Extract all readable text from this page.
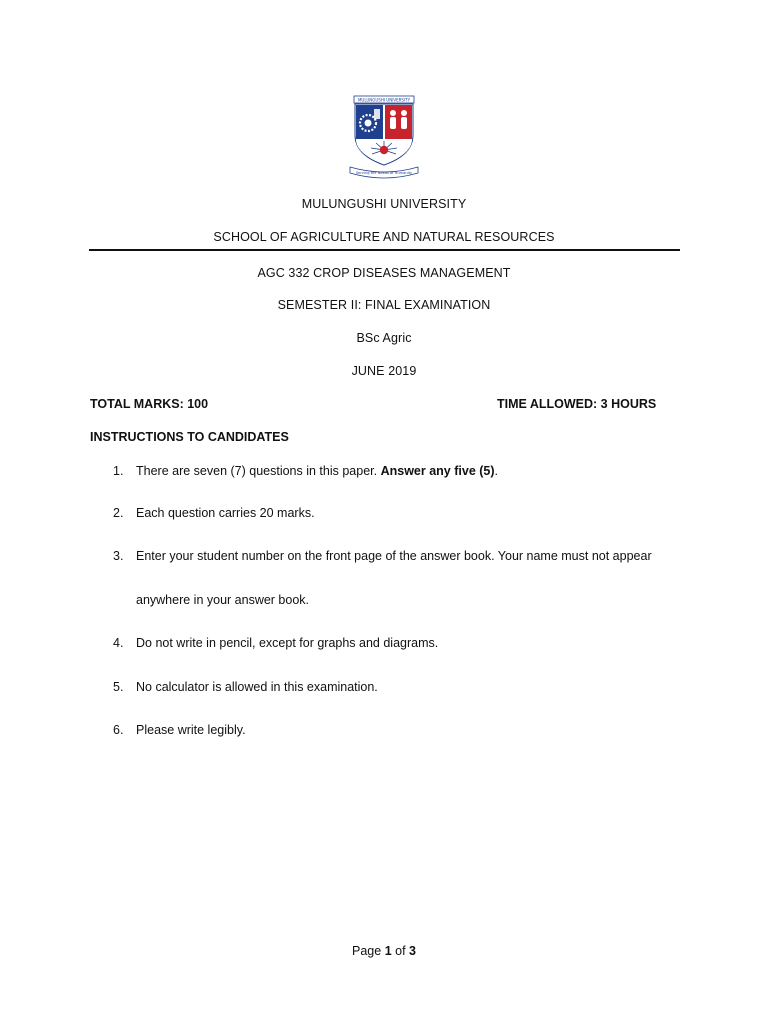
MULUNGUSHI UNIVERSITY
Serving the Needs of Humanity
MULUNGUSHI UNIVERSITY
SCHOOL OF AGRICULTURE AND NATURAL RESOURCES
AGC 332 CROP DISEASES MANAGEMENT
SEMESTER II: FINAL EXAMINATION
BSc Agric
JUNE 2019
TOTAL MARKS: 100	TIME ALLOWED: 3 HOURS
INSTRUCTIONS TO CANDIDATES
1. There are seven (7) questions in this paper. Answer any five (5).
2. Each question carries 20 marks.
3. Enter your student number on the front page of the answer book. Your name must not appear
anywhere in your answer book.
4. Do not write in pencil, except for graphs and diagrams.
5. No calculator is allowed in this examination.
6. Please write legibly.
Page 1 of 3
